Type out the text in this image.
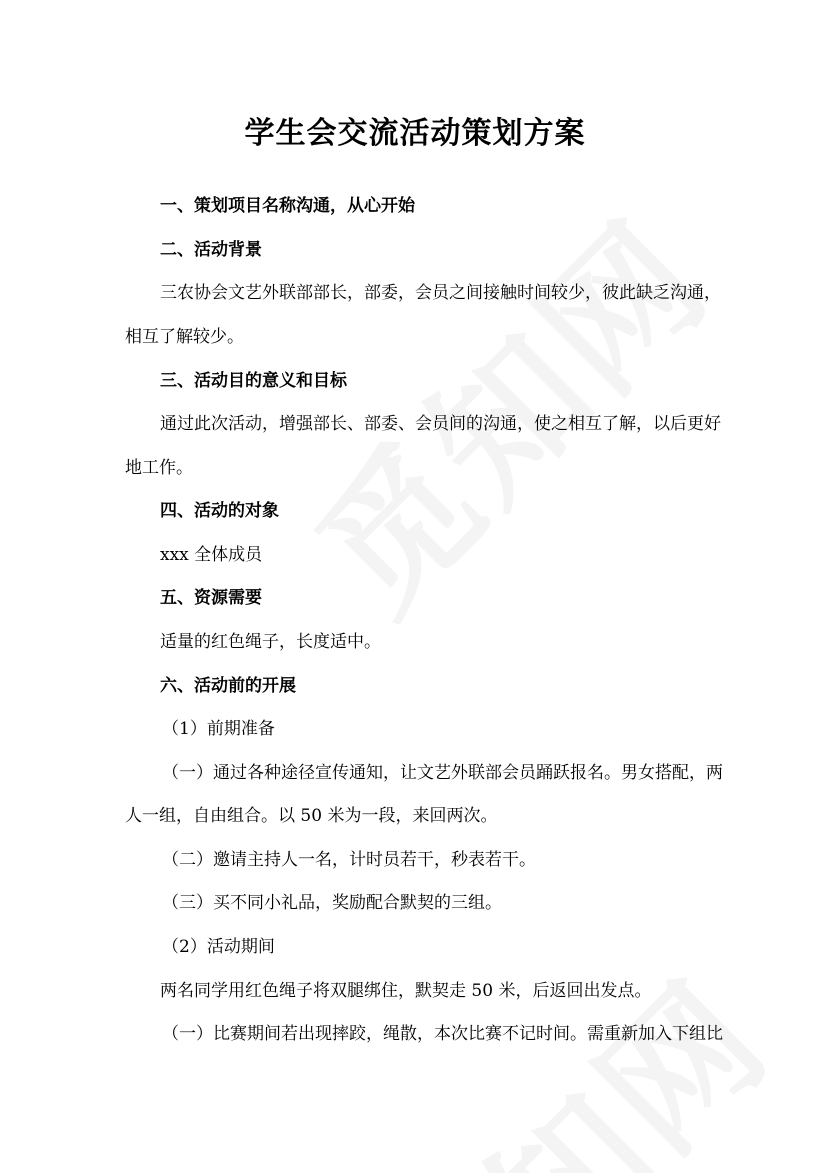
学生会交流活动策划方案
一、策划项目名称沟通，从心开始
二、活动背景
三农协会文艺外联部部长，部委，会员之间接触时间较少，彼此缺乏沟通，
相互了解较少。
三、活动目的意义和目标
通过此次活动，增强部长、部委、会员间的沟通，使之相互了解，以后更好
地工作。
四、活动的对象
xxx 全体成员
五、资源需要
适量的红色绳子，长度适中。
六、活动前的开展
（1）前期准备
（一）通过各种途径宣传通知，让文艺外联部会员踊跃报名。男女搭配，两
人一组，自由组合。以 50 米为一段，来回两次。
（二）邀请主持人一名，计时员若干，秒表若干。
（三）买不同小礼品，奖励配合默契的三组。
（2）活动期间
两名同学用红色绳子将双腿绑住，默契走 50 米，后返回出发点。
（一）比赛期间若出现摔跤，绳散，本次比赛不记时间。需重新加入下组比
